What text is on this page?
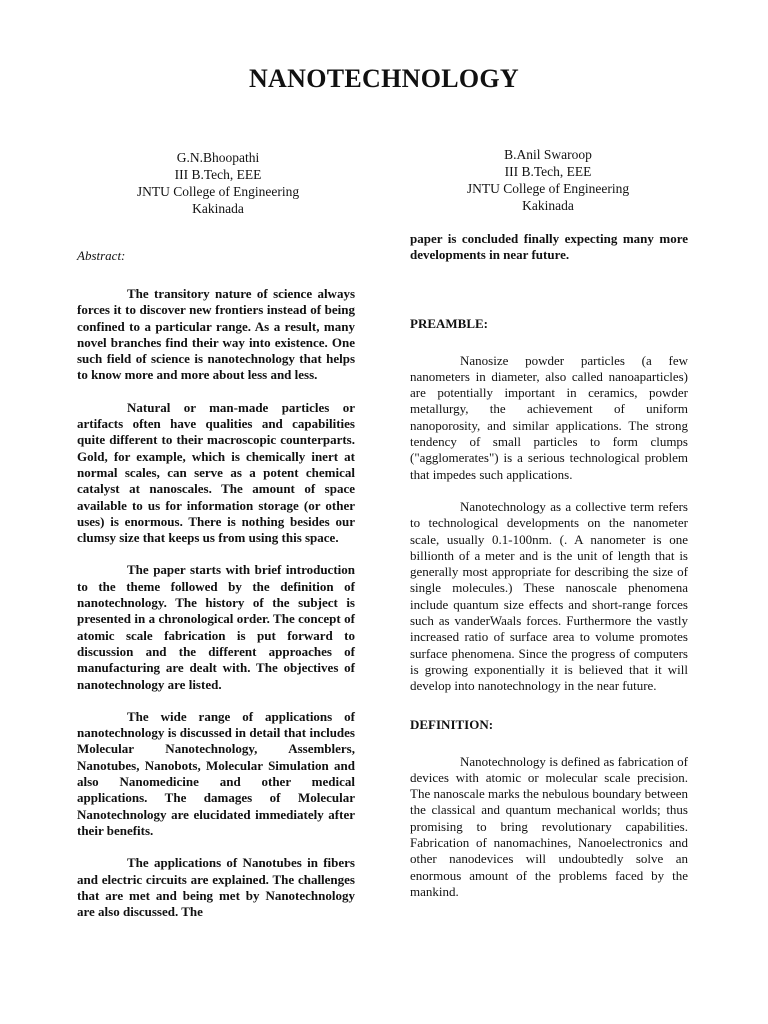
NANOTECHNOLOGY
G.N.Bhoopathi
III B.Tech, EEE
JNTU College of Engineering
Kakinada
B.Anil Swaroop
III B.Tech, EEE
JNTU College of Engineering
Kakinada
Abstract:

The transitory nature of science always forces it to discover new frontiers instead of being confined to a particular range. As a result, many novel branches find their way into existence. One such field of science is nanotechnology that helps to know more and more about less and less.

Natural or man-made particles or artifacts often have qualities and capabilities quite different to their macroscopic counterparts. Gold, for example, which is chemically inert at normal scales, can serve as a potent chemical catalyst at nanoscales. The amount of space available to us for information storage (or other uses) is enormous. There is nothing besides our clumsy size that keeps us from using this space.

The paper starts with brief introduction to the theme followed by the definition of nanotechnology. The history of the subject is presented in a chronological order. The concept of atomic scale fabrication is put forward to discussion and the different approaches of manufacturing are dealt with. The objectives of nanotechnology are listed.

The wide range of applications of nanotechnology is discussed in detail that includes Molecular Nanotechnology, Assemblers, Nanotubes, Nanobots, Molecular Simulation and also Nanomedicine and other medical applications. The damages of Molecular Nanotechnology are elucidated immediately after their benefits.

The applications of Nanotubes in fibers and electric circuits are explained. The challenges that are met and being met by Nanotechnology are also discussed. The

paper is concluded finally expecting many more developments in near future.

PREAMBLE:

Nanosize powder particles (a few nanometers in diameter, also called nanoaparticles) are potentially important in ceramics, powder metallurgy, the achievement of uniform nanoporosity, and similar applications. The strong tendency of small particles to form clumps ("agglomerates") is a serious technological problem that impedes such applications.

Nanotechnology as a collective term refers to technological developments on the nanometer scale, usually 0.1-100nm. (. A nanometer is one billionth of a meter and is the unit of length that is generally most appropriate for describing the size of single molecules.) These nanoscale phenomena include quantum size effects and short-range forces such as vanderWaals forces. Furthermore the vastly increased ratio of surface area to volume promotes surface phenomena. Since the progress of computers is growing exponentially it is believed that it will develop into nanotechnology in the near future.

DEFINITION:

Nanotechnology is defined as fabrication of devices with atomic or molecular scale precision. The nanoscale marks the nebulous boundary between the classical and quantum mechanical worlds; thus promising to bring revolutionary capabilities. Fabrication of nanomachines, Nanoelectronics and other nanodevices will undoubtedly solve an enormous amount of the problems faced by the mankind.
